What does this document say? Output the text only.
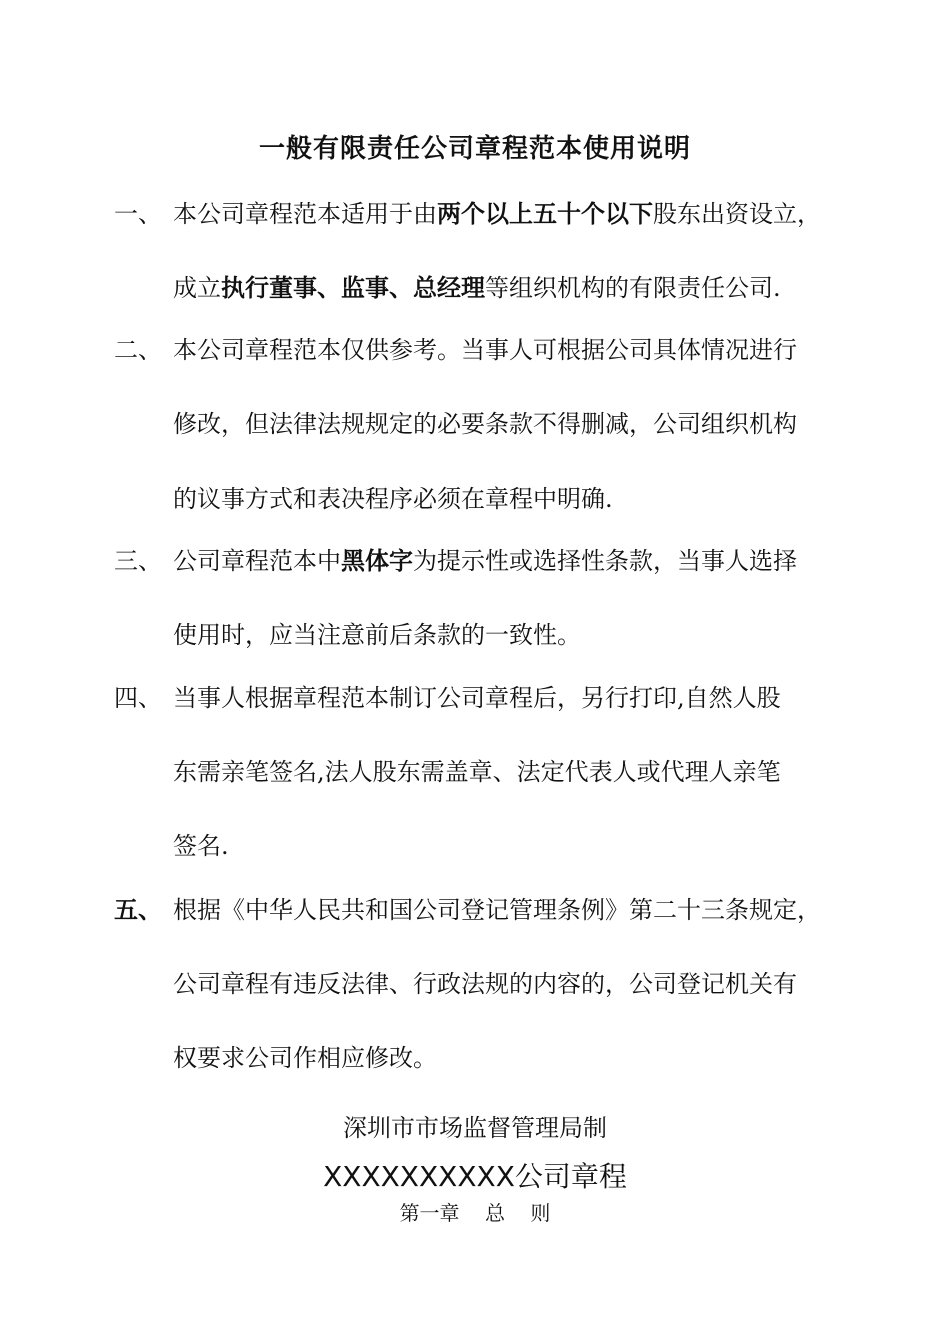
一般有限责任公司章程范本使用说明
一、 本公司章程范本适用于由两个以上五十个以下股东出资设立，
成立执行董事、监事、总经理等组织机构的有限责任公司.
二、 本公司章程范本仅供参考。当事人可根据公司具体情况进行
修改，但法律法规规定的必要条款不得删减，公司组织机构
的议事方式和表决程序必须在章程中明确.
三、 公司章程范本中黑体字为提示性或选择性条款，当事人选择
使用时，应当注意前后条款的一致性。
四、 当事人根据章程范本制订公司章程后，另行打印,自然人股
东需亲笔签名,法人股东需盖章、法定代表人或代理人亲笔
签名.
五、 根据《中华人民共和国公司登记管理条例》第二十三条规定，
公司章程有违反法律、行政法规的内容的，公司登记机关有
权要求公司作相应修改。
深圳市市场监督管理局制
XXXXXXXXXX公司章程
第一章    总    则
